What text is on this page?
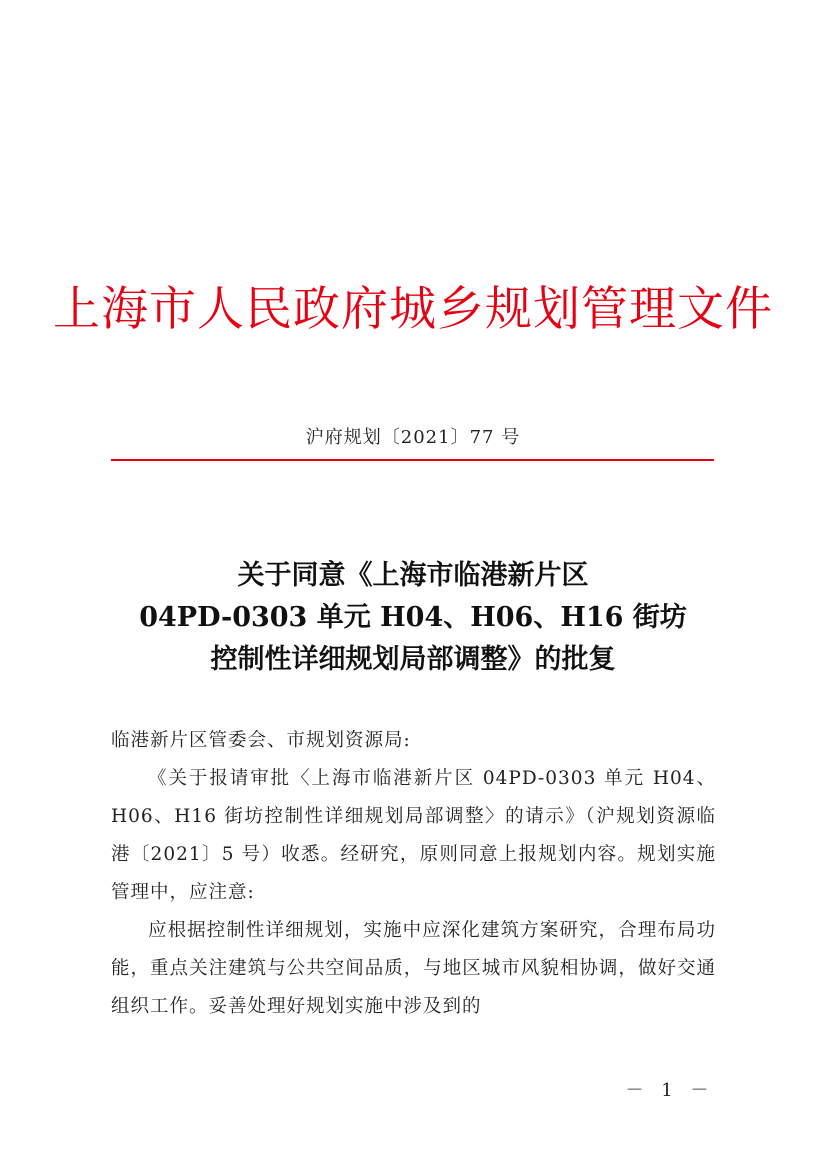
上海市人民政府城乡规划管理文件
沪府规划〔2021〕77 号
关于同意《上海市临港新片区
04PD-0303 单元 H04、H06、H16 街坊
控制性详细规划局部调整》的批复

临港新片区管委会、市规划资源局:

《关于报请审批〈上海市临港新片区 04PD-0303 单元 H04、H06、H16 街坊控制性详细规划局部调整〉的请示》（沪规划资源临港〔2021〕5 号）收悉。经研究，原则同意上报规划内容。规划实施管理中，应注意:

应根据控制性详细规划，实施中应深化建筑方案研究，合理布局功能，重点关注建筑与公共空间品质，与地区城市风貌相协调，做好交通组织工作。妥善处理好规划实施中涉及到的

－ 1 －
